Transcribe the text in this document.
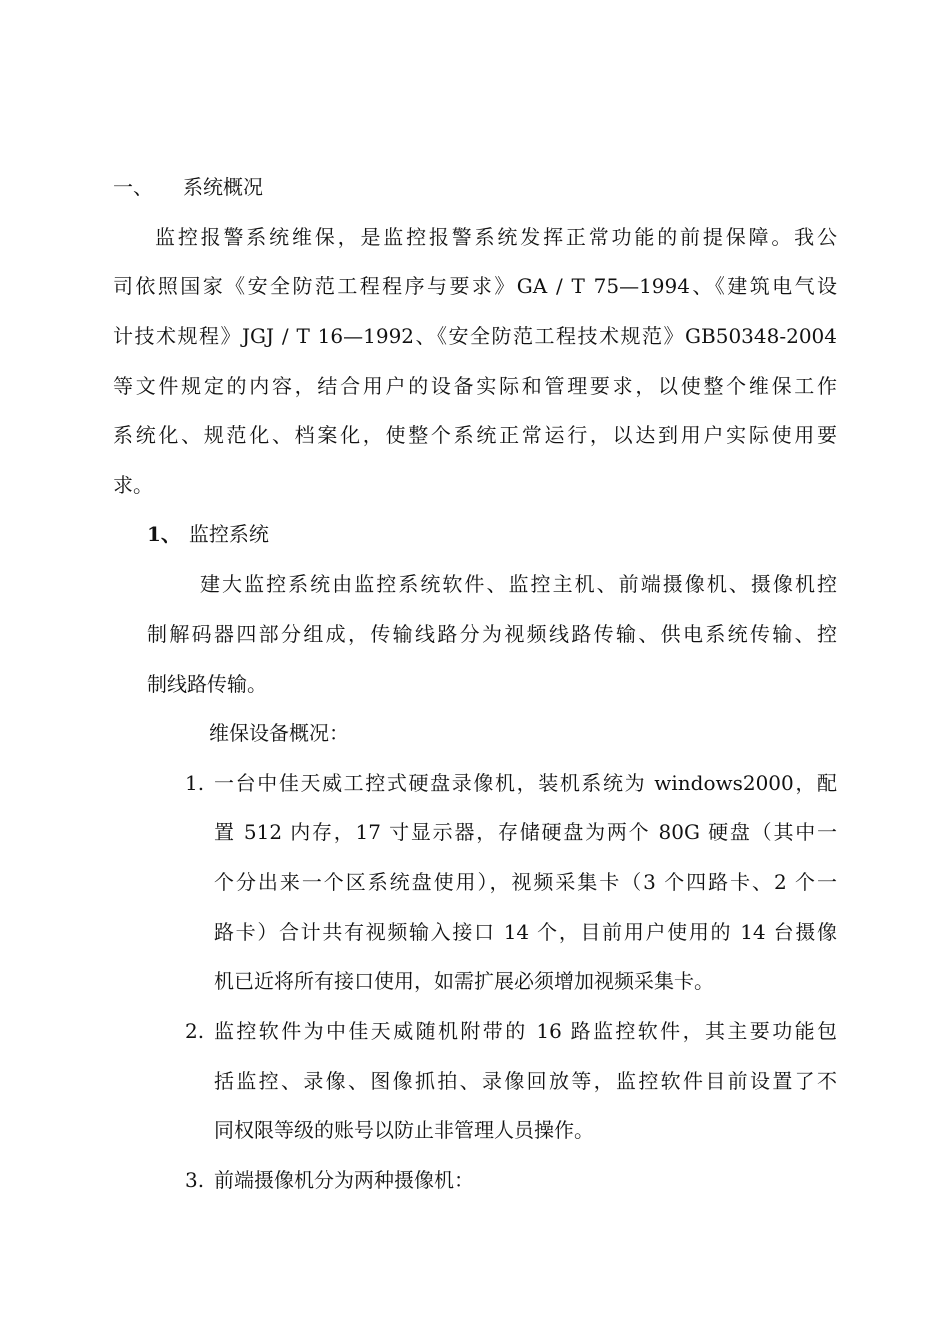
一、 系统概况

监控报警系统维保，是监控报警系统发挥正常功能的前提保障。我公

司依照国家《安全防范工程程序与要求》GA / T 75—1994、《建筑电气设

计技术规程》JGJ / T 16—1992、《安全防范工程技术规范》GB50348-2004

等文件规定的内容，结合用户的设备实际和管理要求，以使整个维保工作

系统化、规范化、档案化，使整个系统正常运行，以达到用户实际使用要

求。

1、 监控系统

建大监控系统由监控系统软件、监控主机、前端摄像机、摄像机控

制解码器四部分组成，传输线路分为视频线路传输、供电系统传输、控

制线路传输。

维保设备概况：
1. 一台中佳天威工控式硬盘录像机，装机系统为 windows2000，配

置 512 内存，17 寸显示器，存储硬盘为两个 80G 硬盘（其中一

个分出来一个区系统盘使用），视频采集卡（3 个四路卡、2 个一

路卡）合计共有视频输入接口 14 个，目前用户使用的 14 台摄像

机已近将所有接口使用，如需扩展必须增加视频采集卡。

2. 监控软件为中佳天威随机附带的 16 路监控软件，其主要功能包

括监控、录像、图像抓拍、录像回放等，监控软件目前设置了不

同权限等级的账号以防止非管理人员操作。

3. 前端摄像机分为两种摄像机：
